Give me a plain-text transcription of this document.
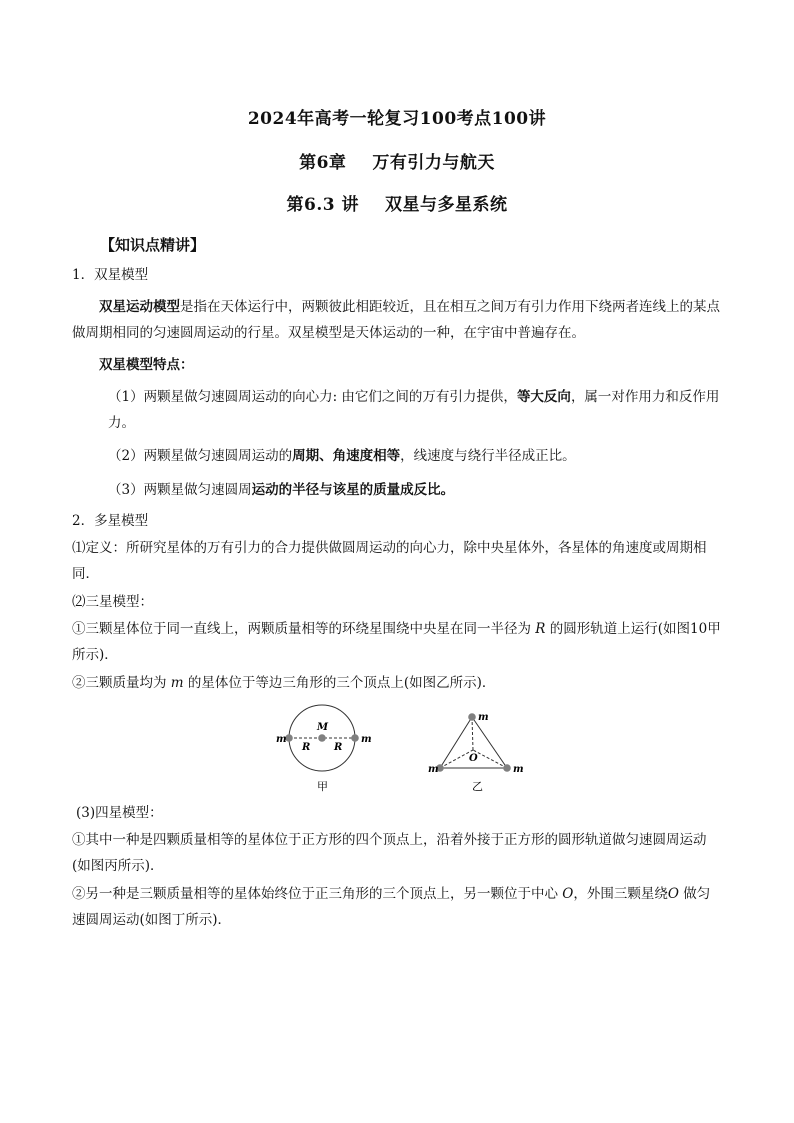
2024年高考一轮复习100考点100讲
第6章 万有引力与航天
第6.3 讲 双星与多星系统
【知识点精讲】
1．双星模型
双星运动模型是指在天体运行中，两颗彼此相距较近，且在相互之间万有引力作用下绕两者连线上的某点做周期相同的匀速圆周运动的行星。双星模型是天体运动的一种，在宇宙中普遍存在。
双星模型特点：
（1）两颗星做匀速圆周运动的向心力: 由它们之间的万有引力提供，等大反向，属一对作用力和反作用力。
（2）两颗星做匀速圆周运动的周期、角速度相等，线速度与绕行半径成正比。
（3）两颗星做匀速圆周运动的半径与该星的质量成反比。
2．多星模型
⑴定义：所研究星体的万有引力的合力提供做圆周运动的向心力，除中央星体外，各星体的角速度或周期相同．
⑵三星模型：
①三颗星体位于同一直线上，两颗质量相等的环绕星围绕中央星在同一半径为 R 的圆形轨道上运行(如图10甲所示)．
②三颗质量均为 m 的星体位于等边三角形的三个顶点上(如图乙所示)．
m	m
M
R R
甲
m
m	m
O
乙
(3)四星模型：
①其中一种是四颗质量相等的星体位于正方形的四个顶点上，沿着外接于正方形的圆形轨道做匀速圆周运动(如图丙所示)．
②另一种是三颗质量相等的星体始终位于正三角形的三个顶点上，另一颗位于中心 O，外围三颗星绕O 做匀速圆周运动(如图丁所示)．
